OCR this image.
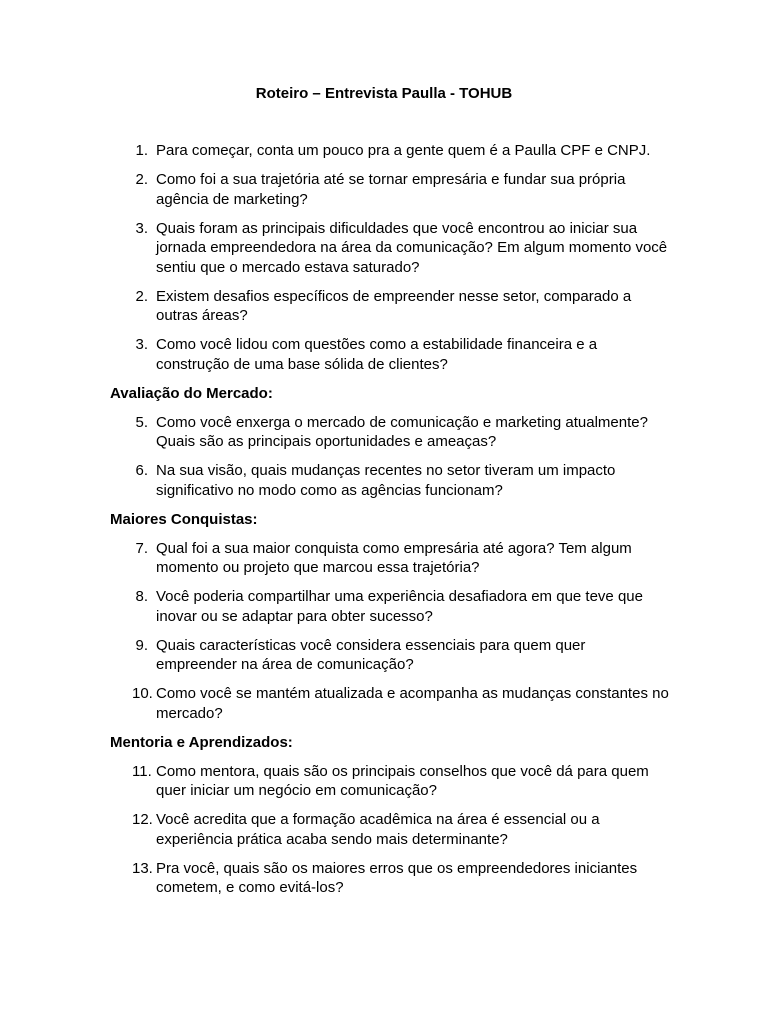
Roteiro – Entrevista Paulla - TOHUB
1. Para começar, conta um pouco pra a gente quem é a Paulla CPF e CNPJ.
2. Como foi a sua trajetória até se tornar empresária e fundar sua própria agência de marketing?
3. Quais foram as principais dificuldades que você encontrou ao iniciar sua jornada empreendedora na área da comunicação? Em algum momento você sentiu que o mercado estava saturado?
2. Existem desafios específicos de empreender nesse setor, comparado a outras áreas?
3. Como você lidou com questões como a estabilidade financeira e a construção de uma base sólida de clientes?
Avaliação do Mercado:
5. Como você enxerga o mercado de comunicação e marketing atualmente? Quais são as principais oportunidades e ameaças?
6. Na sua visão, quais mudanças recentes no setor tiveram um impacto significativo no modo como as agências funcionam?
Maiores Conquistas:
7. Qual foi a sua maior conquista como empresária até agora? Tem algum momento ou projeto que marcou essa trajetória?
8. Você poderia compartilhar uma experiência desafiadora em que teve que inovar ou se adaptar para obter sucesso?
9. Quais características você considera essenciais para quem quer empreender na área de comunicação?
10. Como você se mantém atualizada e acompanha as mudanças constantes no mercado?
Mentoria e Aprendizados:
11. Como mentora, quais são os principais conselhos que você dá para quem quer iniciar um negócio em comunicação?
12. Você acredita que a formação acadêmica na área é essencial ou a experiência prática acaba sendo mais determinante?
13. Pra você, quais são os maiores erros que os empreendedores iniciantes cometem, e como evitá-los?
